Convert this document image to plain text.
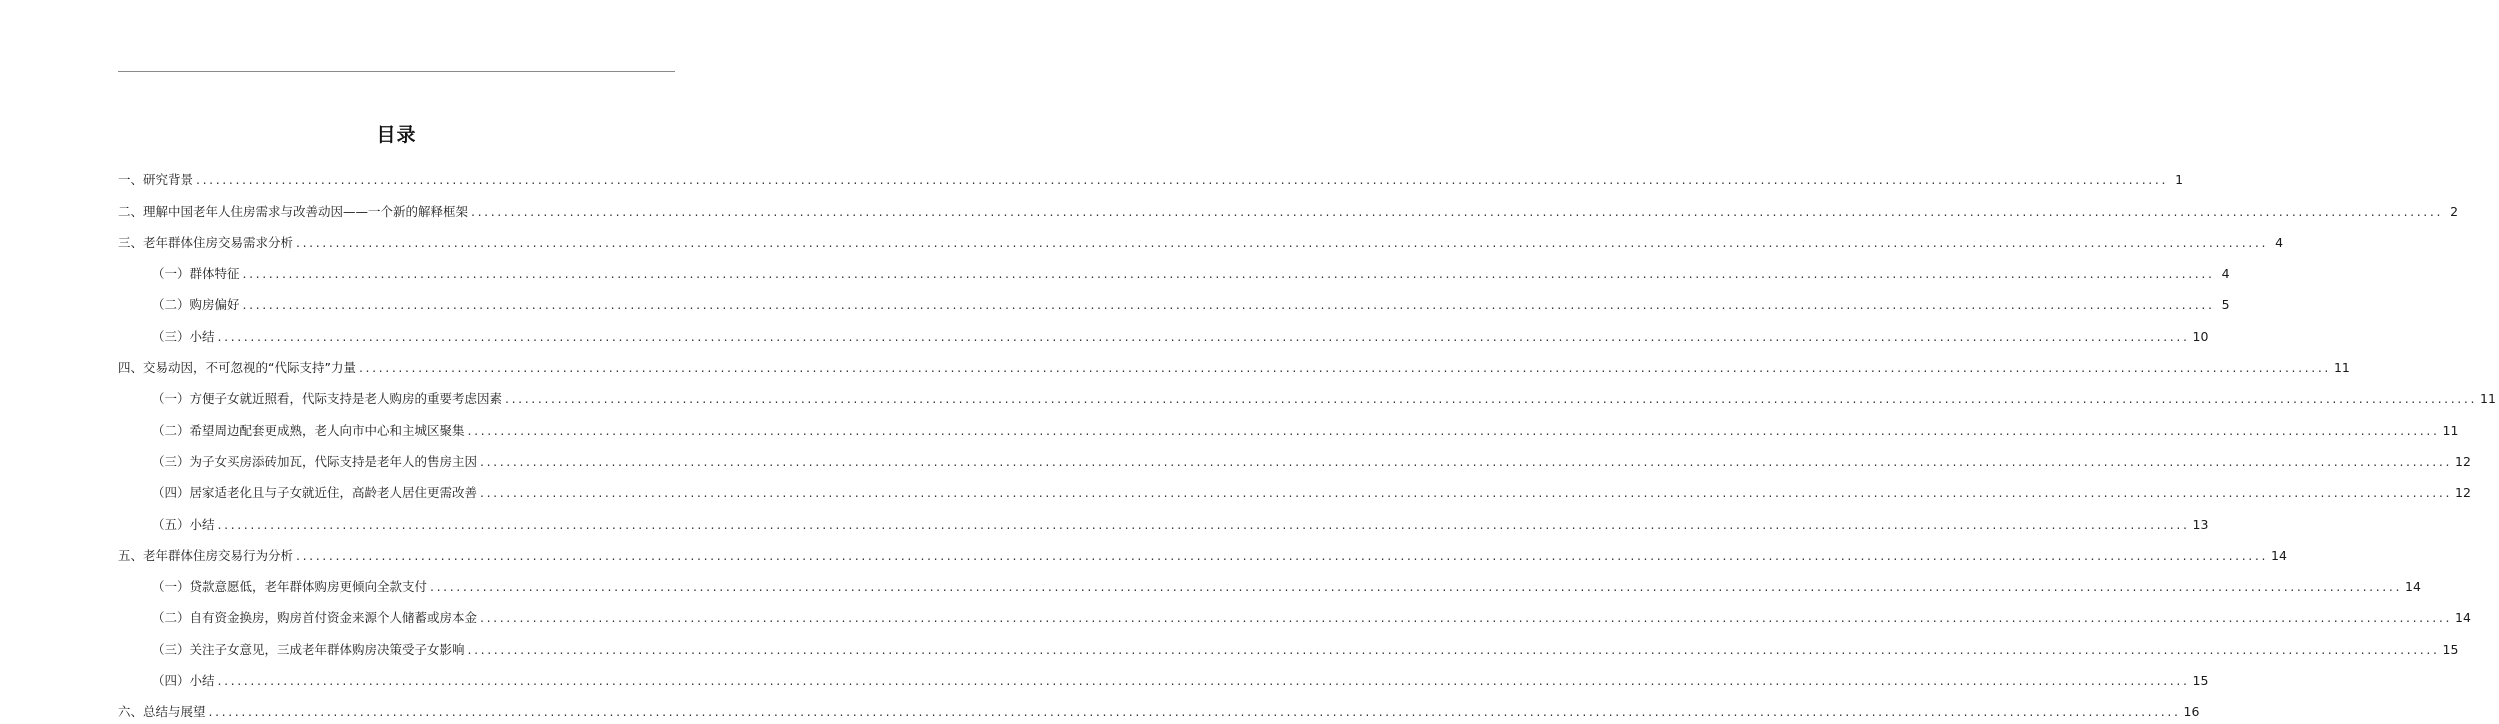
目录
一、研究背景 ............................................................................................................................................................................................................................................................................................................ 1
二、理解中国老年人住房需求与改善动因——一个新的解释框架 ............................................................................................................................................................................................................................................................................................................ 2
三、老年群体住房交易需求分析 ............................................................................................................................................................................................................................................................................................................ 4
（一）群体特征 ............................................................................................................................................................................................................................................................................................................ 4
（二）购房偏好 ............................................................................................................................................................................................................................................................................................................ 5
（三）小结 ............................................................................................................................................................................................................................................................................................................ 10
四、交易动因，不可忽视的“代际支持”力量 ............................................................................................................................................................................................................................................................................................................ 11
（一）方便子女就近照看，代际支持是老人购房的重要考虑因素 ............................................................................................................................................................................................................................................................................................................ 11
（二）希望周边配套更成熟，老人向市中心和主城区聚集 ............................................................................................................................................................................................................................................................................................................ 11
（三）为子女买房添砖加瓦，代际支持是老年人的售房主因 ............................................................................................................................................................................................................................................................................................................ 12
（四）居家适老化且与子女就近住，高龄老人居住更需改善 ............................................................................................................................................................................................................................................................................................................ 12
（五）小结 ............................................................................................................................................................................................................................................................................................................ 13
五、老年群体住房交易行为分析 ............................................................................................................................................................................................................................................................................................................ 14
（一）贷款意愿低，老年群体购房更倾向全款支付 ............................................................................................................................................................................................................................................................................................................ 14
（二）自有资金换房，购房首付资金来源个人储蓄或房本金 ............................................................................................................................................................................................................................................................................................................ 14
（三）关注子女意见，三成老年群体购房决策受子女影响 ............................................................................................................................................................................................................................................................................................................ 15
（四）小结 ............................................................................................................................................................................................................................................................................................................ 15
六、总结与展望 ............................................................................................................................................................................................................................................................................................................ 16
